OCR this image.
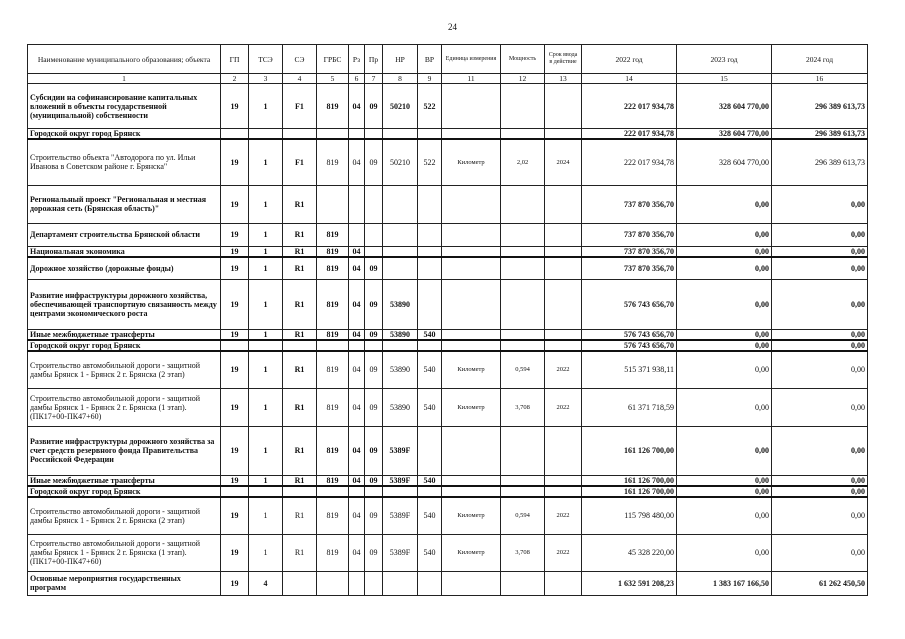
24
Наименование муниципального образования; объекта	ГП	ТСЭ	СЭ	ГРБС	Рз	Пр	НР	ВР	Единица измерения	Мощность	Срок ввода в действие	2022 год	2023 год	2024 год
1	2	3	4	5	6	7	8	9	11	12	13	14	15	16
Субсидии на софинансирование капитальных вложений в объекты государственной (муниципальной) собственности	19	1	F1	819	04	09	50210	522				222 017 934,78	328 604 770,00	296 389 613,73
Городской округ город Брянск												222 017 934,78	328 604 770,00	296 389 613,73
Строительство объекта "Автодорога по ул. Ильи Иванова в Советском районе г. Брянска"	19	1	F1	819	04	09	50210	522	Километр	2,02	2024	222 017 934,78	328 604 770,00	296 389 613,73
Региональный проект "Региональная и местная дорожная сеть (Брянская область)"	19	1	R1									737 870 356,70	0,00	0,00
Департамент строительства Брянской области	19	1	R1	819								737 870 356,70	0,00	0,00
Национальная экономика	19	1	R1	819	04							737 870 356,70	0,00	0,00
Дорожное хозяйство (дорожные фонды)	19	1	R1	819	04	09						737 870 356,70	0,00	0,00
Развитие инфраструктуры дорожного хозяйства, обеспечивающей транспортную связанность между центрами экономического роста	19	1	R1	819	04	09	53890					576 743 656,70	0,00	0,00
Иные межбюджетные трансферты	19	1	R1	819	04	09	53890	540				576 743 656,70	0,00	0,00
Городской округ город Брянск												576 743 656,70	0,00	0,00
Строительство автомобильной дороги - защитной дамбы Брянск 1 - Брянск 2 г. Брянска (2 этап)	19	1	R1	819	04	09	53890	540	Километр	0,594	2022	515 371 938,11	0,00	0,00
Строительство автомобильной дороги - защитной дамбы Брянск 1 - Брянск 2 г. Брянска (1 этап). (ПК17+00-ПК47+60)	19	1	R1	819	04	09	53890	540	Километр	3,708	2022	61 371 718,59	0,00	0,00
Развитие инфраструктуры дорожного хозяйства за счет средств резервного фонда Правительства Российской Федерации	19	1	R1	819	04	09	5389F					161 126 700,00	0,00	0,00
Иные межбюджетные трансферты	19	1	R1	819	04	09	5389F	540				161 126 700,00	0,00	0,00
Городской округ город Брянск												161 126 700,00	0,00	0,00
Строительство автомобильной дороги - защитной дамбы Брянск 1 - Брянск 2 г. Брянска (2 этап)	19	1	R1	819	04	09	5389F	540	Километр	0,594	2022	115 798 480,00	0,00	0,00
Строительство автомобильной дороги - защитной дамбы Брянск 1 - Брянск 2 г. Брянска (1 этап). (ПК17+00-ПК47+60)	19	1	R1	819	04	09	5389F	540	Километр	3,708	2022	45 328 220,00	0,00	0,00
Основные мероприятия государственных программ	19	4										1 632 591 208,23	1 383 167 166,50	61 262 450,50
